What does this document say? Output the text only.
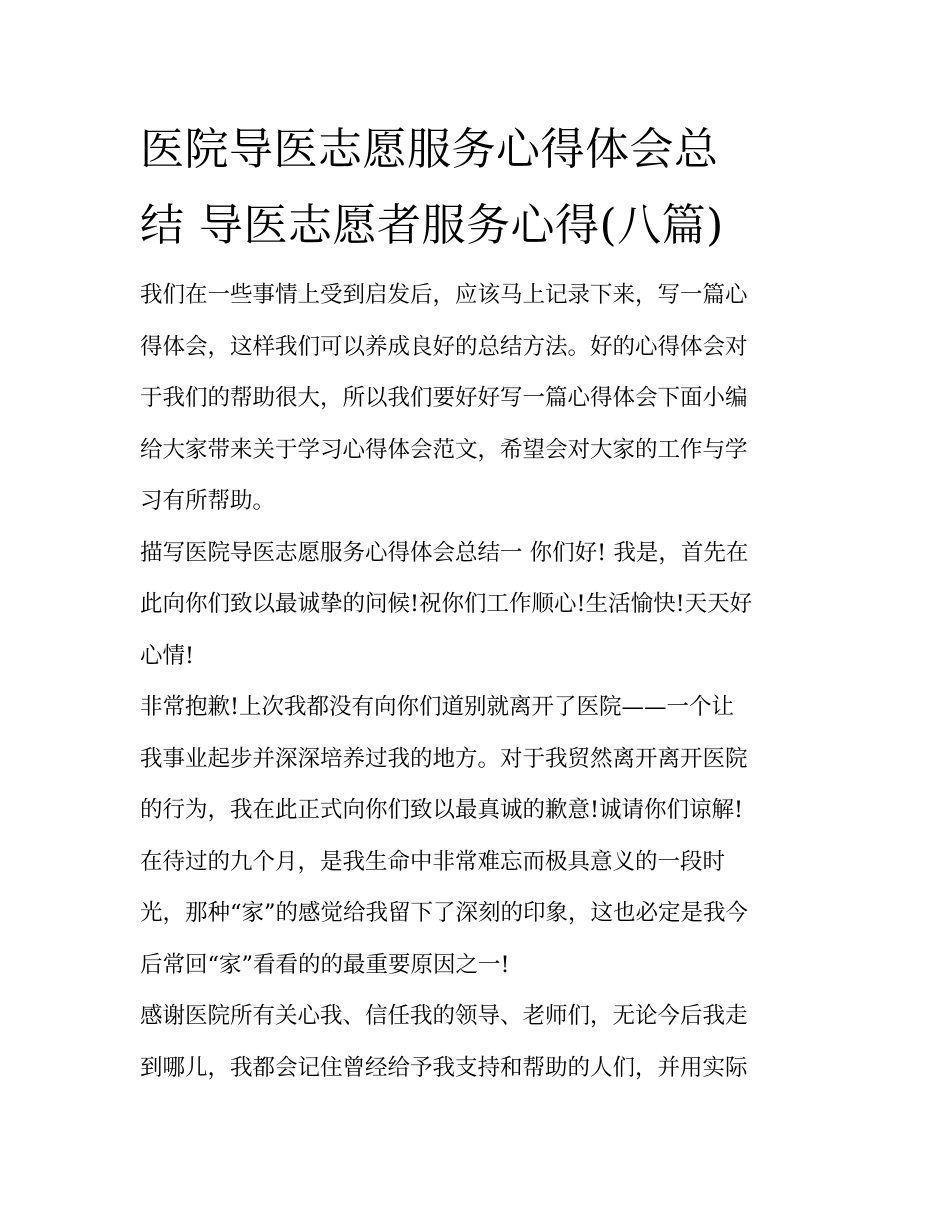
医院导医志愿服务心得体会总
结 导医志愿者服务心得(八篇)

我们在一些事情上受到启发后，应该马上记录下来，写一篇心
得体会，这样我们可以养成良好的总结方法。好的心得体会对
于我们的帮助很大，所以我们要好好写一篇心得体会下面小编
给大家带来关于学习心得体会范文，希望会对大家的工作与学
习有所帮助。

描写医院导医志愿服务心得体会总结一 你们好! 我是，首先在
此向你们致以最诚挚的问候!祝你们工作顺心!生活愉快!天天好
心情!

非常抱歉!上次我都没有向你们道别就离开了医院——一个让
我事业起步并深深培养过我的地方。对于我贸然离开离开医院
的行为，我在此正式向你们致以最真诚的歉意!诚请你们谅解!
在待过的九个月，是我生命中非常难忘而极具意义的一段时
光，那种“家”的感觉给我留下了深刻的印象，这也必定是我今
后常回“家”看看的的最重要原因之一!

感谢医院所有关心我、信任我的领导、老师们，无论今后我走
到哪儿，我都会记住曾经给予我支持和帮助的人们，并用实际
